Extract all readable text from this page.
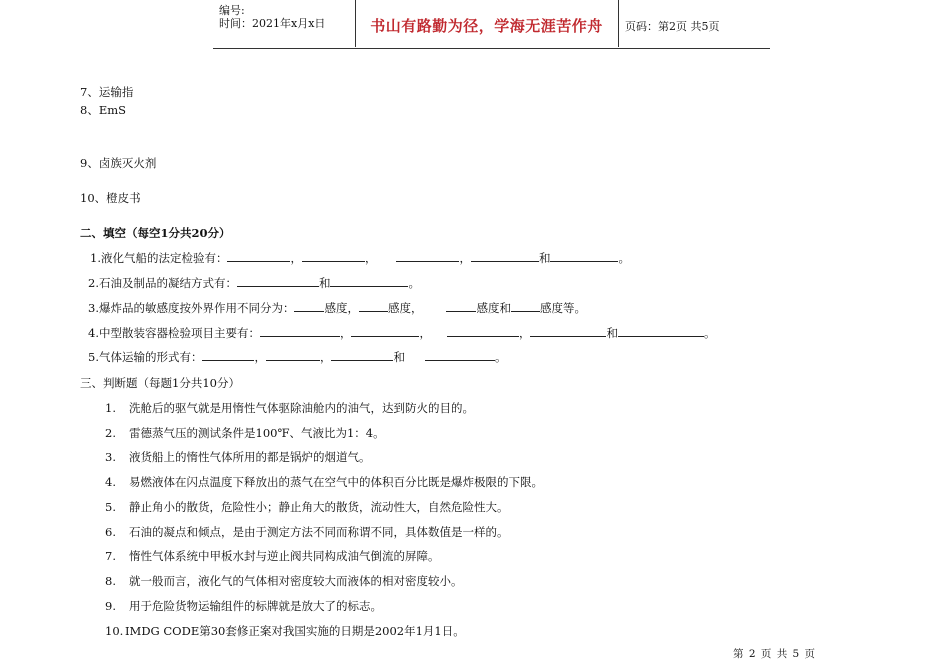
编号:
时间：2021年x月x日	书山有路勤为径，学海无涯苦作舟	页码：第2页 共5页
7、运输指
8、EmS
9、卤族灭火剂
10、橙皮书
二、填空（每空1分共20分）
1.液化气船的法定检验有：	，	，	，	和	。
2.石油及制品的凝结方式有：	和	。
3.爆炸品的敏感度按外界作用不同分为：	感度，	感度，	感度和	感度等。
4.中型散装容器检验项目主要有：	，	，	，	和	。
5.气体运输的形式有：	，	，	和	。
三、判断题（每题1分共10分）
1. 洗舱后的驱气就是用惰性气体驱除油舱内的油气，达到防火的目的。
2. 雷德蒸气压的测试条件是100℉、气液比为1：4。
3. 液货船上的惰性气体所用的都是锅炉的烟道气。
4. 易燃液体在闪点温度下释放出的蒸气在空气中的体积百分比既是爆炸极限的下限。
5. 静止角小的散货，危险性小；静止角大的散货，流动性大，自然危险性大。
6. 石油的凝点和倾点，是由于测定方法不同而称谓不同，具体数值是一样的。
7. 惰性气体系统中甲板水封与逆止阀共同构成油气倒流的屏障。
8. 就一般而言，液化气的气体相对密度较大而液体的相对密度较小。
9. 用于危险货物运输组件的标牌就是放大了的标志。
10. IMDG CODE第30套修正案对我国实施的日期是2002年1月1日。
第 2 页 共 5 页
